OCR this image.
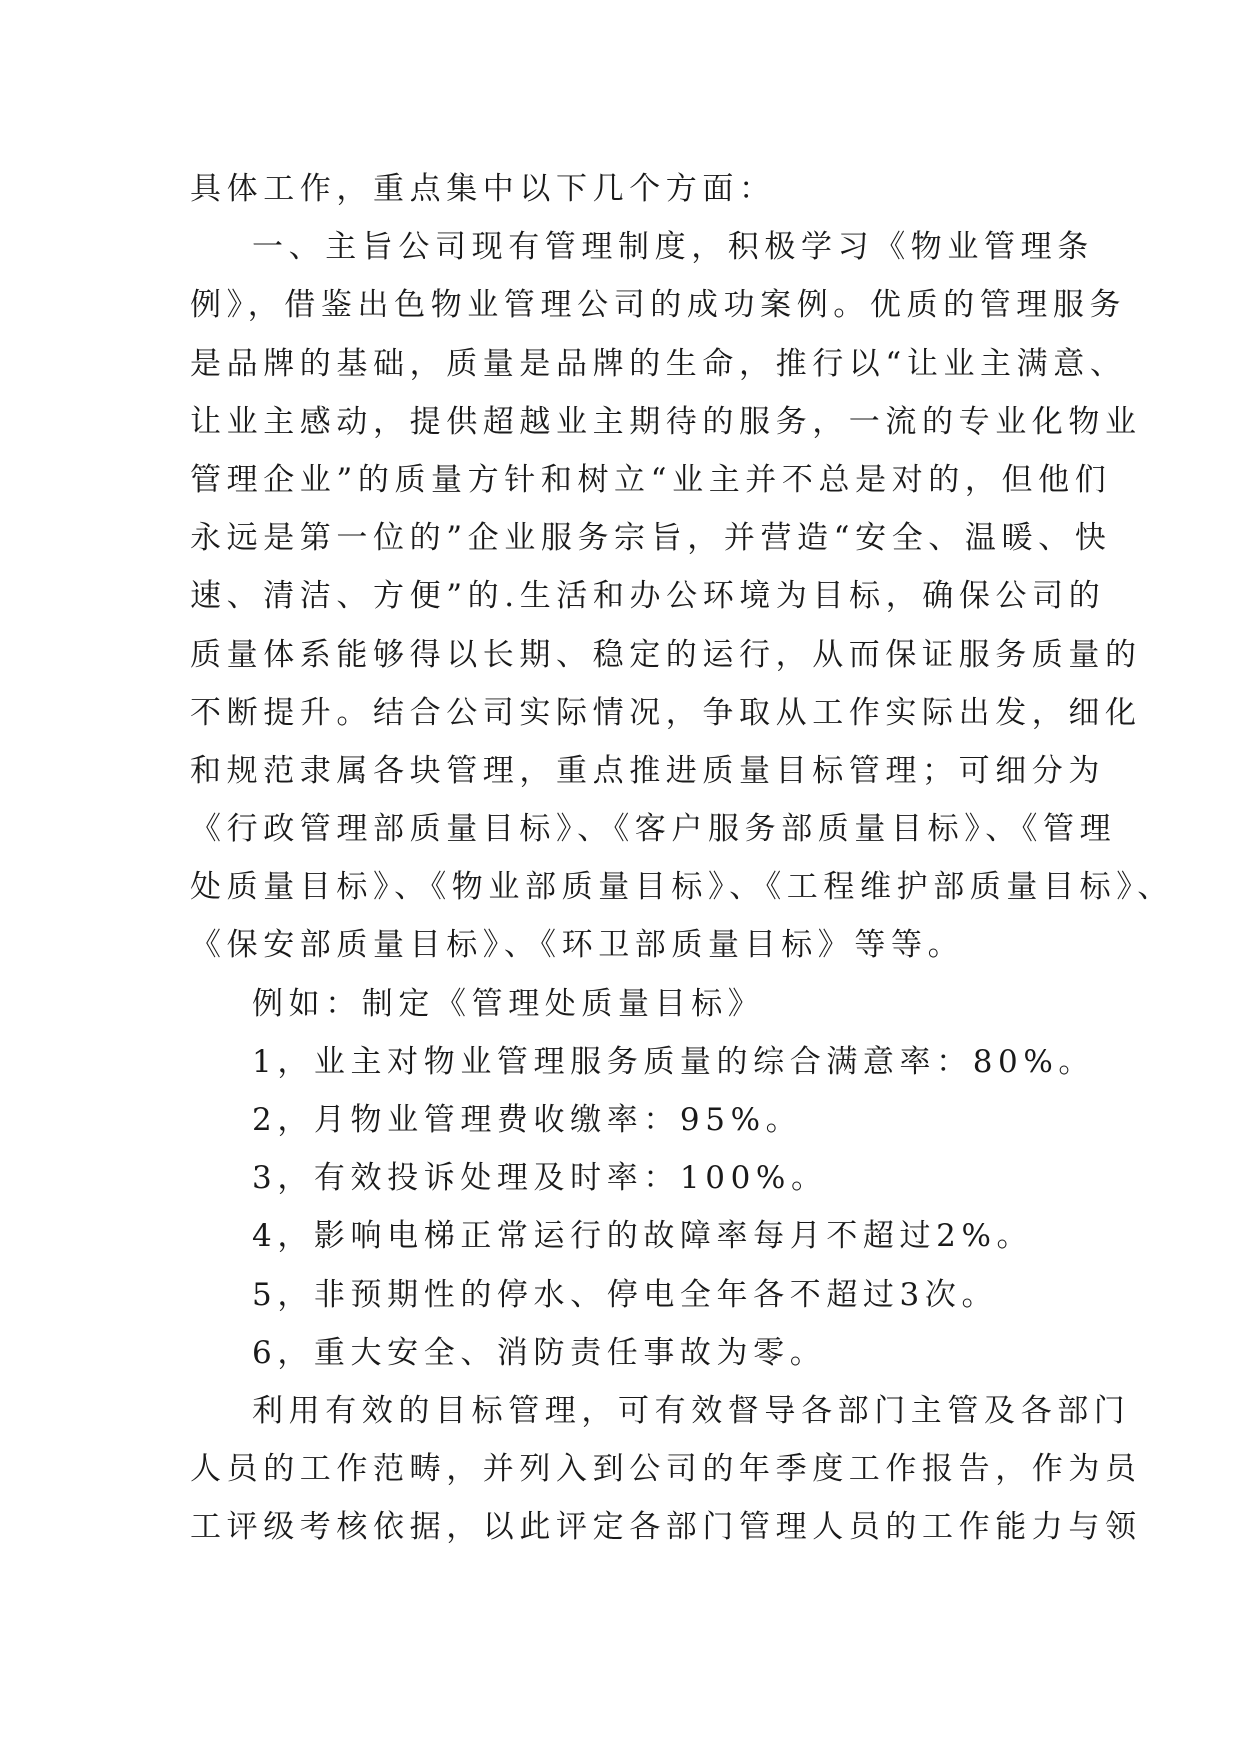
具体工作，重点集中以下几个方面：
一、主旨公司现有管理制度，积极学习《物业管理条
例》，借鉴出色物业管理公司的成功案例。优质的管理服务
是品牌的基础，质量是品牌的生命，推行以“让业主满意、
让业主感动，提供超越业主期待的服务，一流的专业化物业
管理企业”的质量方针和树立“业主并不总是对的，但他们
永远是第一位的”企业服务宗旨，并营造“安全、温暖、快
速、清洁、方便”的.生活和办公环境为目标，确保公司的
质量体系能够得以长期、稳定的运行，从而保证服务质量的
不断提升。结合公司实际情况，争取从工作实际出发，细化
和规范隶属各块管理，重点推进质量目标管理；可细分为
《行政管理部质量目标》、《客户服务部质量目标》、《管理
处质量目标》、《物业部质量目标》、《工程维护部质量目标》、
《保安部质量目标》、《环卫部质量目标》等等。
例如：制定《管理处质量目标》
1，业主对物业管理服务质量的综合满意率：80%。
2，月物业管理费收缴率：95%。
3，有效投诉处理及时率：100%。
4，影响电梯正常运行的故障率每月不超过2%。
5，非预期性的停水、停电全年各不超过3次。
6，重大安全、消防责任事故为零。
利用有效的目标管理，可有效督导各部门主管及各部门
人员的工作范畴，并列入到公司的年季度工作报告，作为员
工评级考核依据，以此评定各部门管理人员的工作能力与领
